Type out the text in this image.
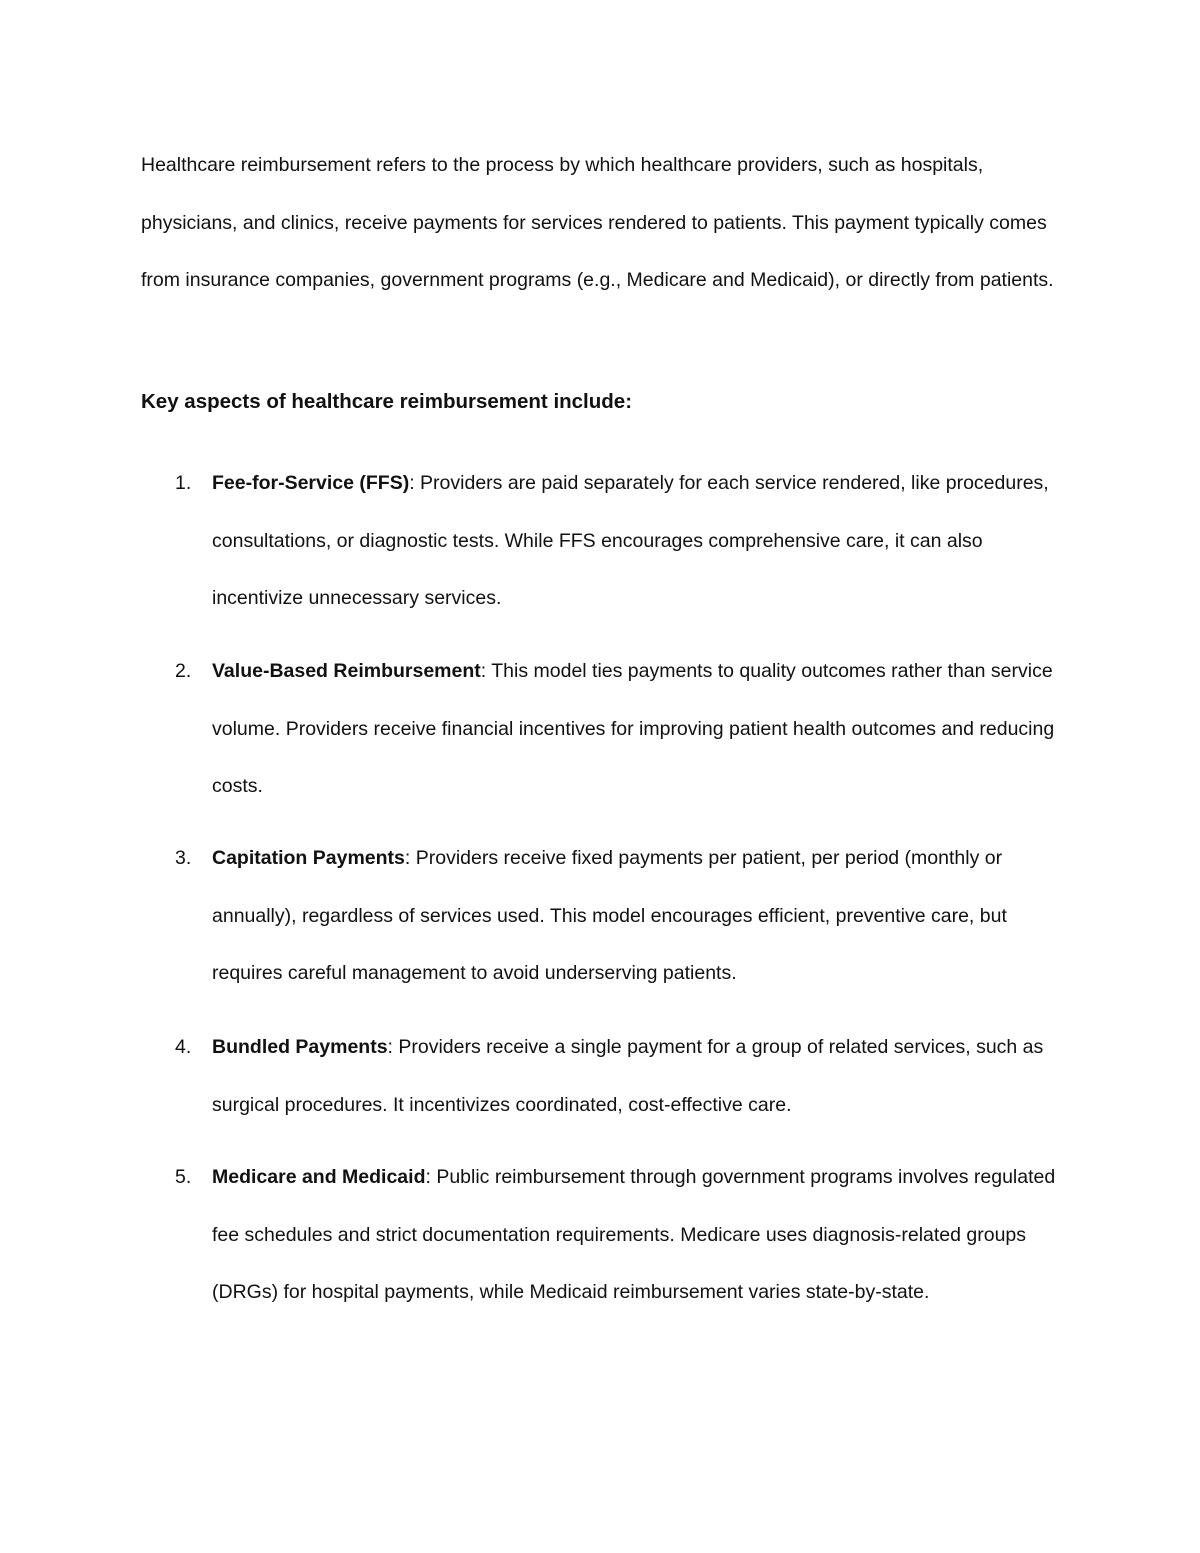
Healthcare reimbursement refers to the process by which healthcare providers, such as hospitals, physicians, and clinics, receive payments for services rendered to patients. This payment typically comes from insurance companies, government programs (e.g., Medicare and Medicaid), or directly from patients.

Key aspects of healthcare reimbursement include:

1.	Fee-for-Service (FFS): Providers are paid separately for each service rendered, like procedures, consultations, or diagnostic tests. While FFS encourages comprehensive care, it can also incentivize unnecessary services.
2.	Value-Based Reimbursement: This model ties payments to quality outcomes rather than service volume. Providers receive financial incentives for improving patient health outcomes and reducing costs.
3.	Capitation Payments: Providers receive fixed payments per patient, per period (monthly or annually), regardless of services used. This model encourages efficient, preventive care, but requires careful management to avoid underserving patients.
4.	Bundled Payments: Providers receive a single payment for a group of related services, such as surgical procedures. It incentivizes coordinated, cost-effective care.
5.	Medicare and Medicaid: Public reimbursement through government programs involves regulated fee schedules and strict documentation requirements. Medicare uses diagnosis-related groups (DRGs) for hospital payments, while Medicaid reimbursement varies state-by-state.
